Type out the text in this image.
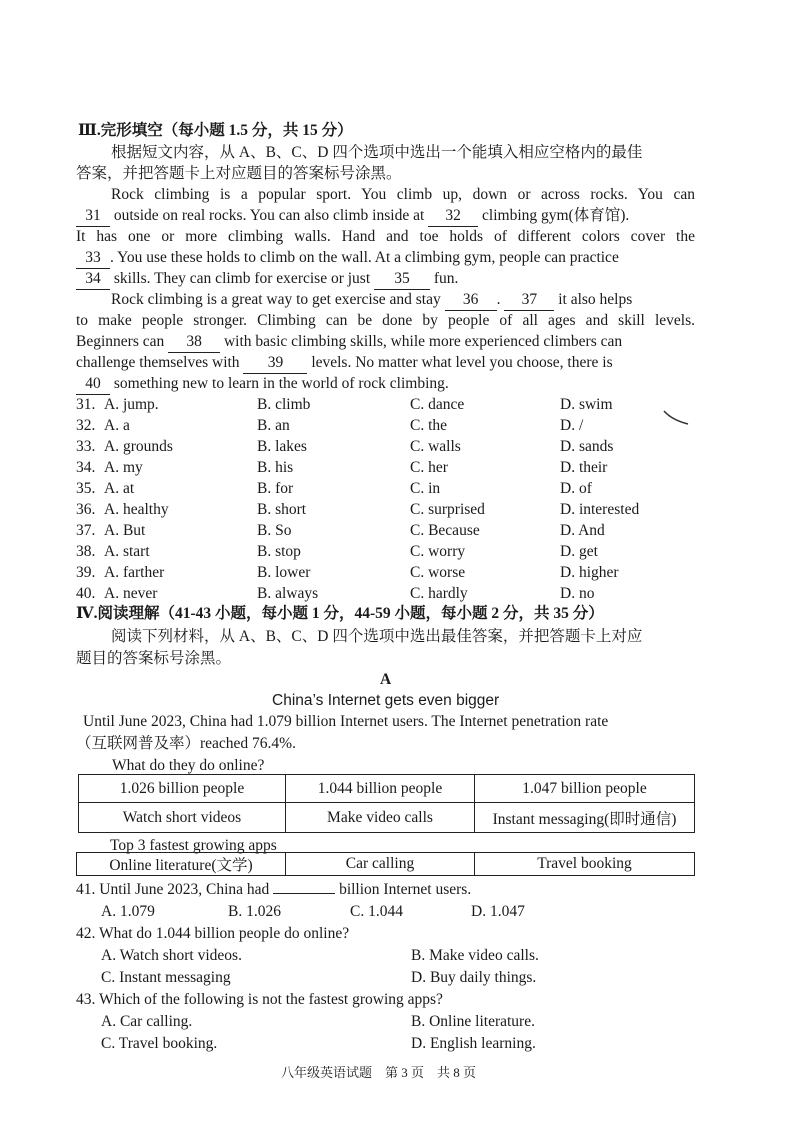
Ⅲ.完形填空（每小题 1.5 分，共 15 分）
根据短文内容，从 A、B、C、D 四个选项中选出一个能填入相应空格内的最佳
答案，并把答题卡上对应题目的答案标号涂黑。
Rock climbing is a popular sport. You climb up, down or across rocks. You can
31 outside on real rocks. You can also climb inside at 32 climbing gym(体育馆).
It has one or more climbing walls. Hand and toe holds of different colors cover the
33 . You use these holds to climb on the wall. At a climbing gym, people can practice
34 skills. They can climb for exercise or just 35 fun.
Rock climbing is a great way to get exercise and stay 36 . 37 it also helps
to make people stronger. Climbing can be done by people of all ages and skill levels.
Beginners can 38 with basic climbing skills, while more experienced climbers can
challenge themselves with 39 levels. No matter what level you choose, there is
40 something new to learn in the world of rock climbing.
31. A. jump.	B. climb	C. dance	D. swim
32. A. a	B. an	C. the	D. /
33. A. grounds	B. lakes	C. walls	D. sands
34. A. my	B. his	C. her	D. their
35. A. at	B. for	C. in	D. of
36. A. healthy	B. short	C. surprised	D. interested
37. A. But	B. So	C. Because	D. And
38. A. start	B. stop	C. worry	D. get
39. A. farther	B. lower	C. worse	D. higher
40. A. never	B. always	C. hardly	D. no
Ⅳ.阅读理解（41-43 小题，每小题 1 分，44-59 小题，每小题 2 分，共 35 分）
阅读下列材料，从 A、B、C、D 四个选项中选出最佳答案，并把答题卡上对应
题目的答案标号涂黑。
A
China’s Internet gets even bigger
Until June 2023, China had 1.079 billion Internet users. The Internet penetration rate
（互联网普及率）reached 76.4%.
What do they do online?
1.026 billion people	1.044 billion people	1.047 billion people
Watch short videos	Make video calls	Instant messaging(即时通信)
Top 3 fastest growing apps
Online literature(文学)	Car calling	Travel booking
41. Until June 2023, China had	billion Internet users.
A. 1.079	B. 1.026	C. 1.044	D. 1.047
42. What do 1.044 billion people do online?
A. Watch short videos.	B. Make video calls.
C. Instant messaging	D. Buy daily things.
43. Which of the following is not the fastest growing apps?
A. Car calling.	B. Online literature.
C. Travel booking.	D. English learning.
八年级英语试题　第 3 页　共 8 页
